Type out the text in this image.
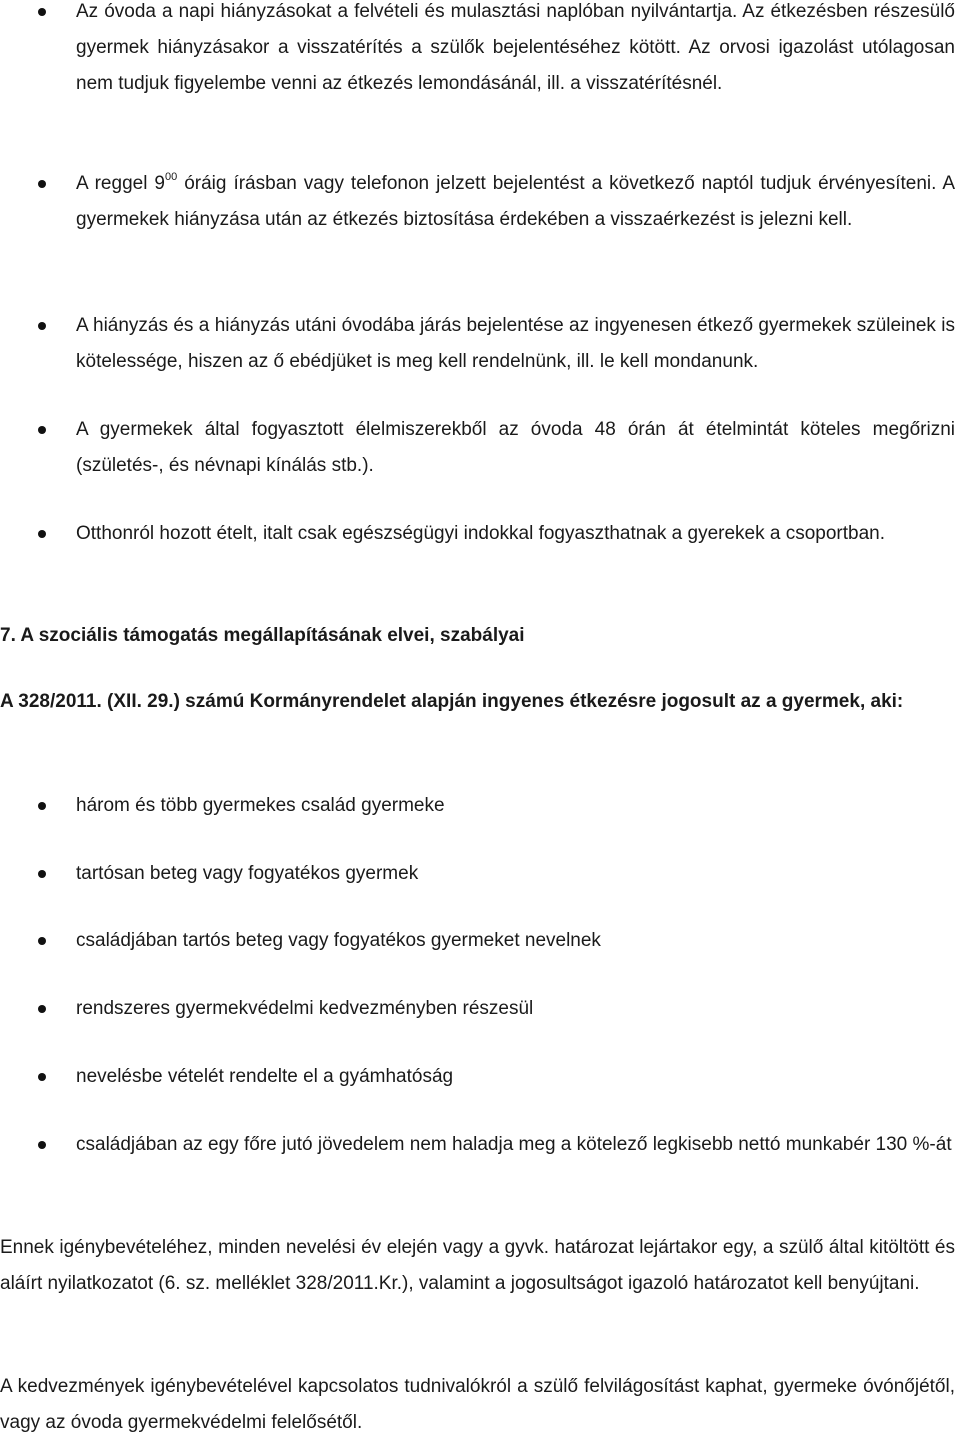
Az óvoda a napi hiányzásokat a felvételi és mulasztási naplóban nyilvántartja. Az étkezésben részesülő gyermek hiányzásakor a visszatérítés a szülők bejelentéséhez kötött. Az orvosi igazolást utólagosan nem tudjuk figyelembe venni az étkezés lemondásánál, ill. a visszatérítésnél.

A reggel $9^{00}$ óráig írásban vagy telefonon jelzett bejelentést a következő naptól tudjuk érvényesíteni. A gyermekek hiányzása után az étkezés biztosítása érdekében a visszaérkezést is jelezni kell.

A hiányzás és a hiányzás utáni óvodába járás bejelentése az ingyenesen étkező gyermekek szüleinek is kötelessége, hiszen az ő ebédjüket is meg kell rendelnünk, ill. le kell mondanunk.

A gyermekek által fogyasztott élelmiszerekből az óvoda 48 órán át ételmintát köteles megőrizni (születés-, és névnapi kínálás stb.).

Otthonról hozott ételt, italt csak egészségügyi indokkal fogyaszthatnak a gyerekek a csoportban.

7. A szociális támogatás megállapításának elvei, szabályai

A 328/2011. (XII. 29.) számú Kormányrendelet alapján ingyenes étkezésre jogosult az a gyermek, aki:

három és több gyermekes család gyermeke

tartósan beteg vagy fogyatékos gyermek

családjában tartós beteg vagy fogyatékos gyermeket nevelnek

rendszeres gyermekvédelmi kedvezményben részesül

nevelésbe vételét rendelte el a gyámhatóság

családjában az egy főre jutó jövedelem nem haladja meg a kötelező legkisebb nettó munkabér 130 %-át

Ennek igénybevételéhez, minden nevelési év elején vagy a gyvk. határozat lejártakor egy, a szülő által kitöltött és aláírt nyilatkozatot (6. sz. melléklet 328/2011.Kr.), valamint a jogosultságot igazoló határozatot kell benyújtani.

A kedvezmények igénybevételével kapcsolatos tudnivalókról a szülő felvilágosítást kaphat, gyermeke óvónőjétől, vagy az óvoda gyermekvédelmi felelősétől.
